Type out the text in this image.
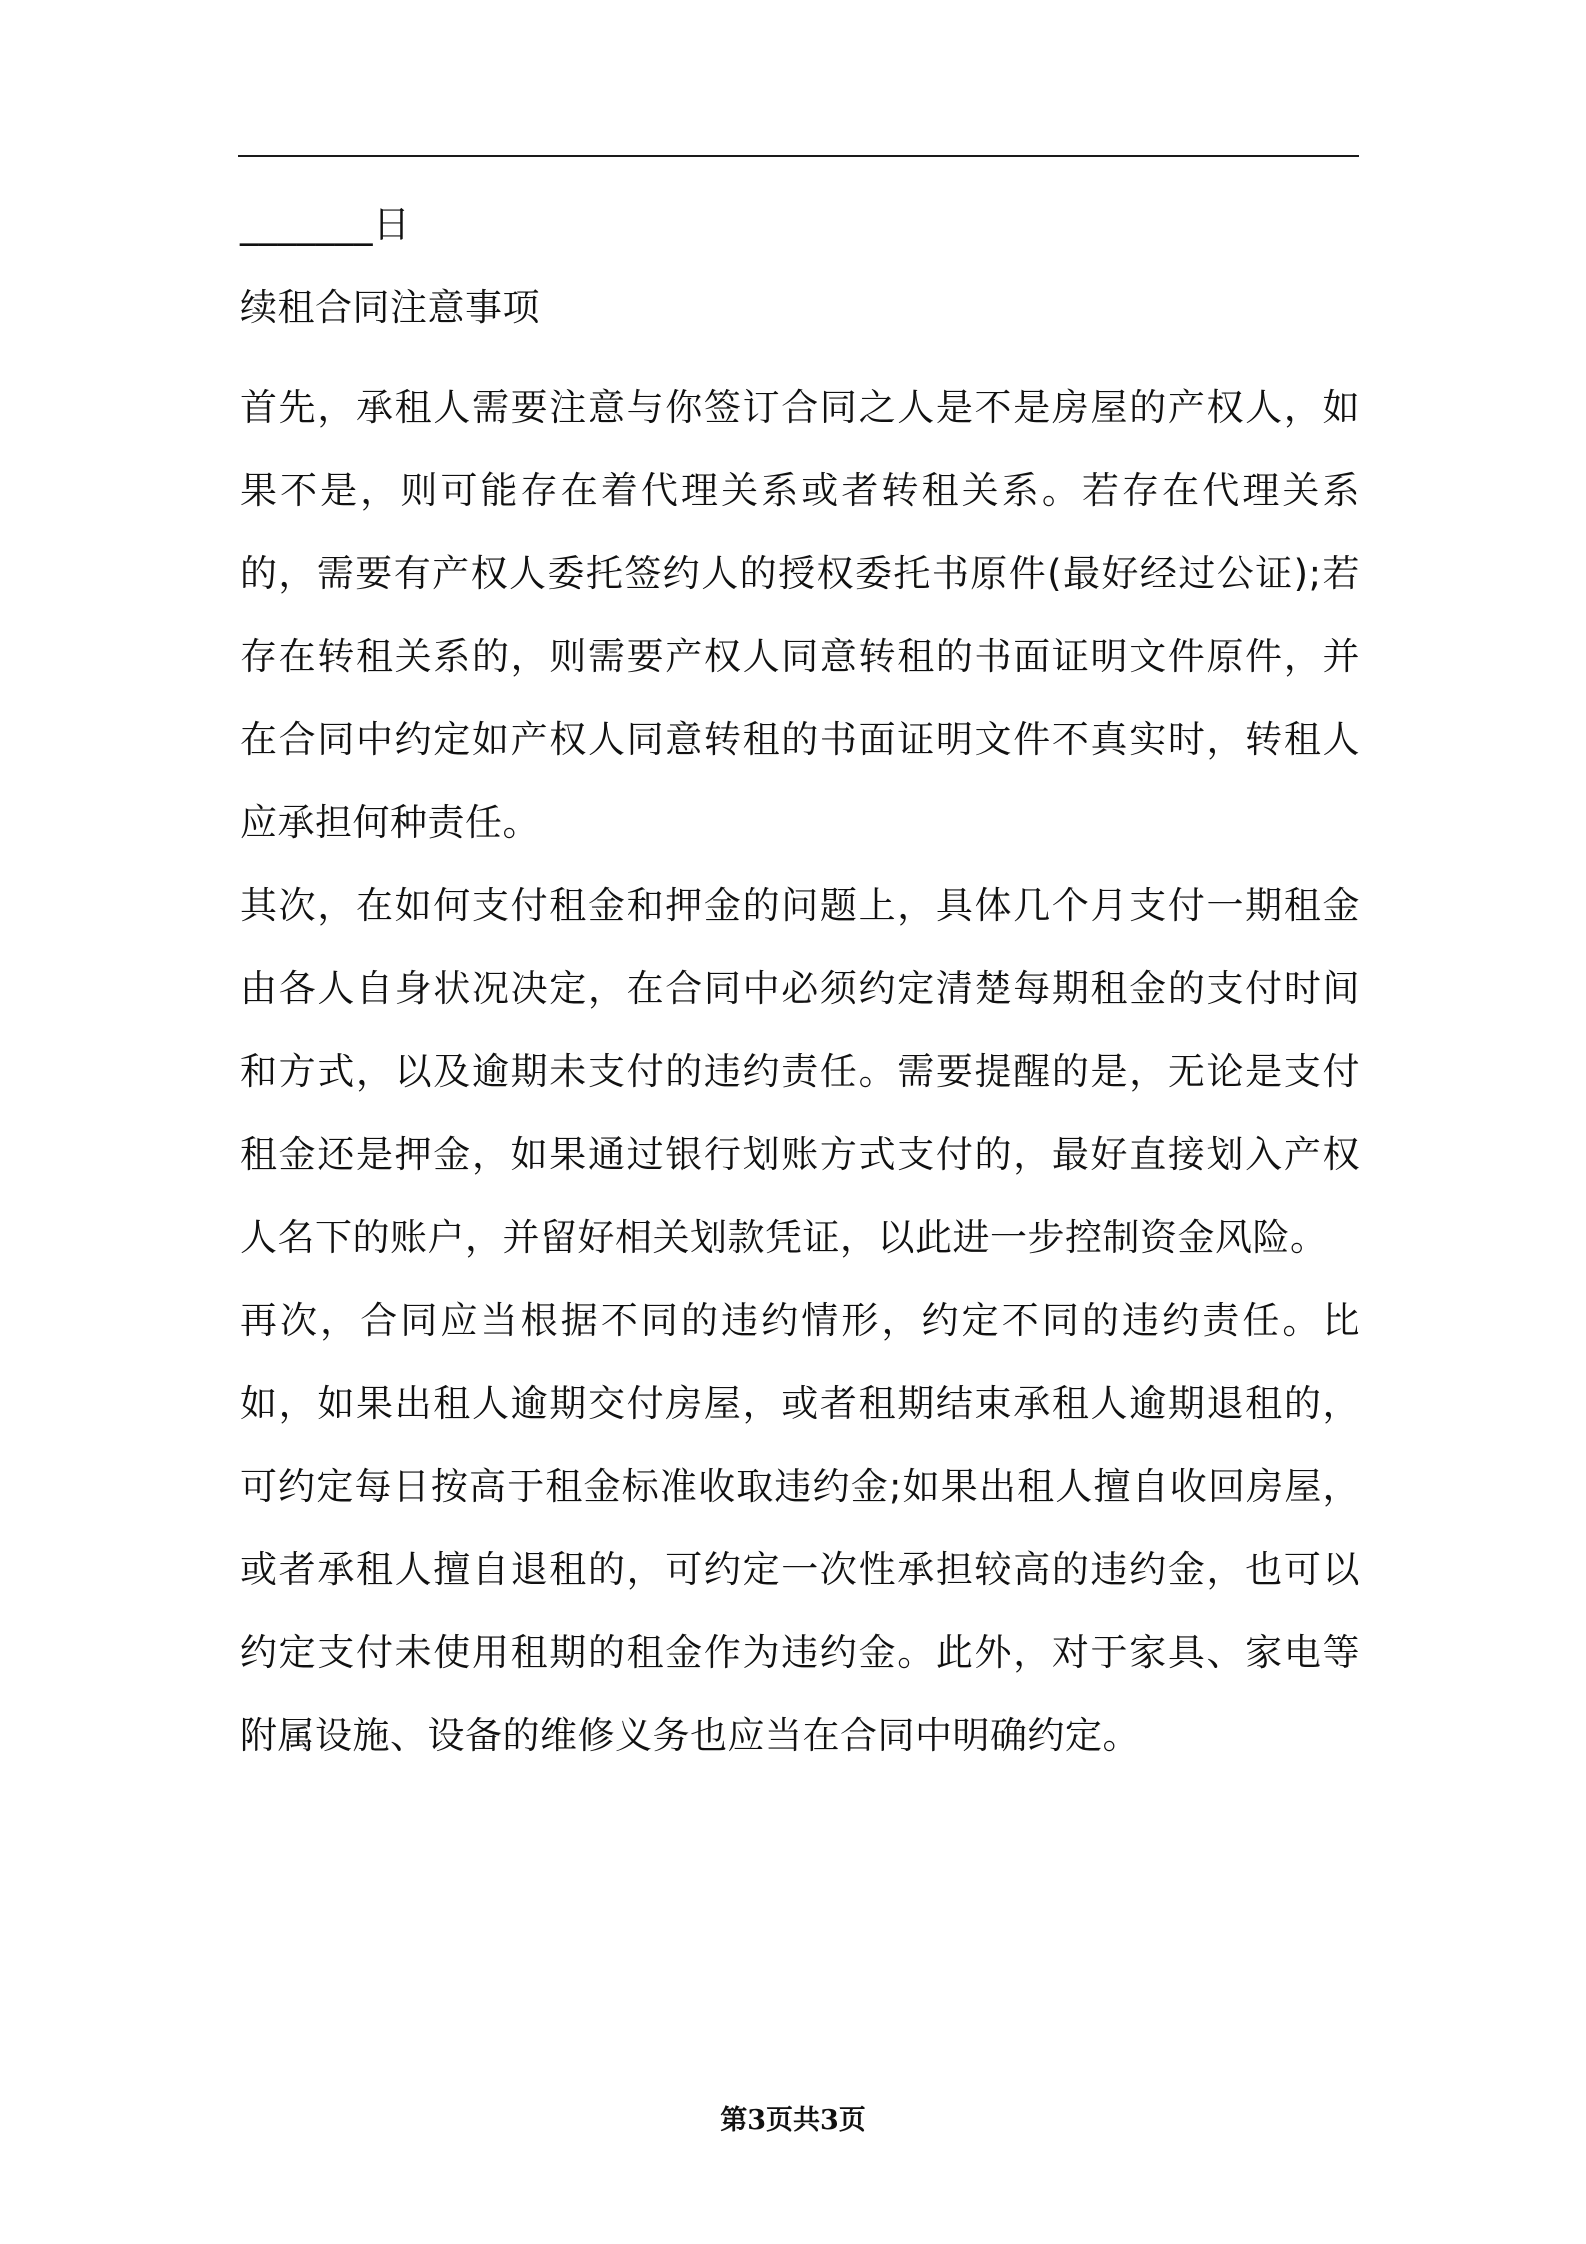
_______日
续租合同注意事项

首先，承租人需要注意与你签订合同之人是不是房屋的产权人，如果不是，则可能存在着代理关系或者转租关系。若存在代理关系的，需要有产权人委托签约人的授权委托书原件(最好经过公证);若存在转租关系的，则需要产权人同意转租的书面证明文件原件，并在合同中约定如产权人同意转租的书面证明文件不真实时，转租人应承担何种责任。

其次，在如何支付租金和押金的问题上，具体几个月支付一期租金由各人自身状况决定，在合同中必须约定清楚每期租金的支付时间和方式，以及逾期未支付的违约责任。需要提醒的是，无论是支付租金还是押金，如果通过银行划账方式支付的，最好直接划入产权人名下的账户，并留好相关划款凭证，以此进一步控制资金风险。

再次，合同应当根据不同的违约情形，约定不同的违约责任。比如，如果出租人逾期交付房屋，或者租期结束承租人逾期退租的，可约定每日按高于租金标准收取违约金;如果出租人擅自收回房屋，或者承租人擅自退租的，可约定一次性承担较高的违约金，也可以约定支付未使用租期的租金作为违约金。此外，对于家具、家电等附属设施、设备的维修义务也应当在合同中明确约定。

第3页共3页
